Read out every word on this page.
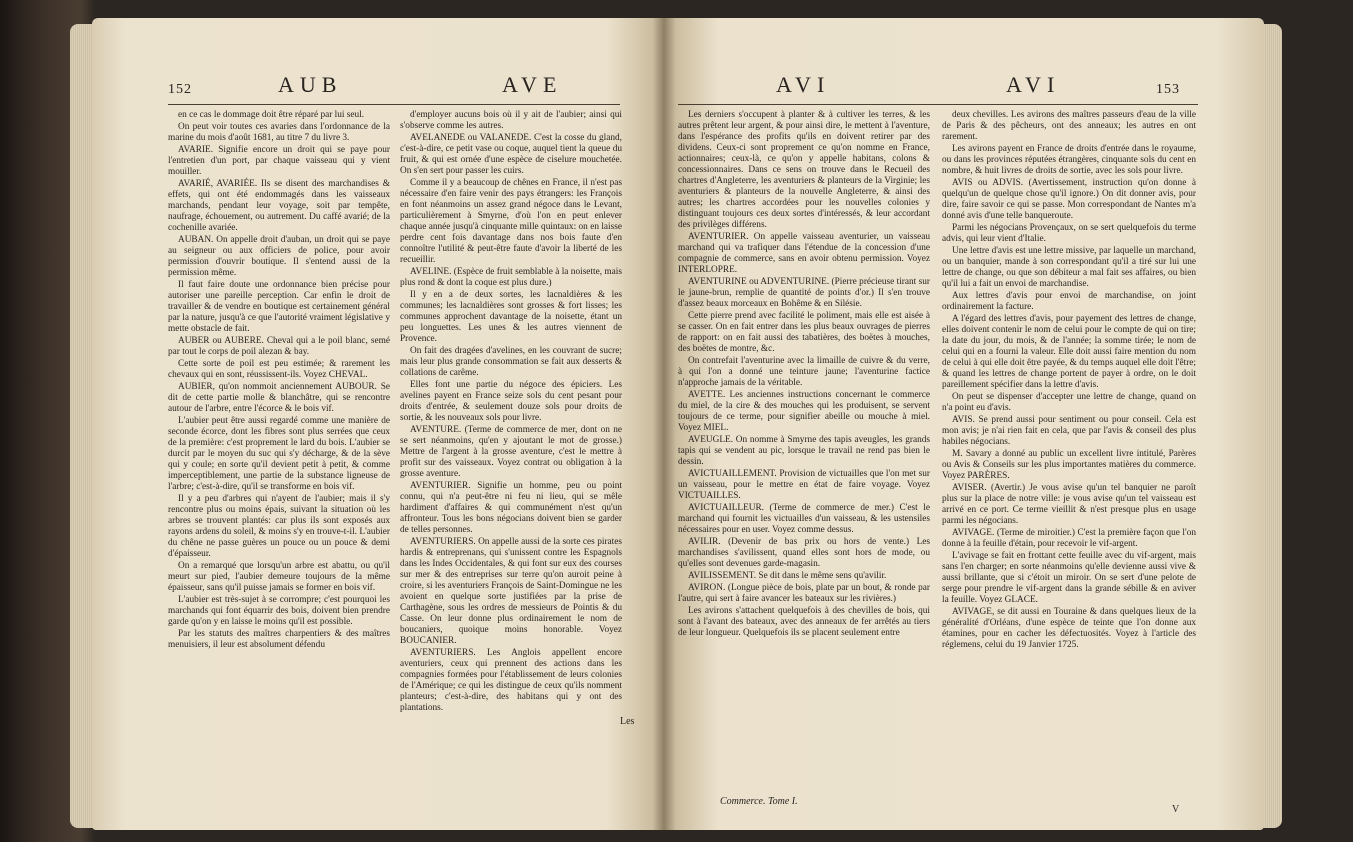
152	AUB	AVE

en ce cas le dommage doit être réparé par lui seul.

On peut voir toutes ces avaries dans l'ordonnance de la marine du mois d'août 1681, au titre 7 du livre 3.

AVARIE. Signifie encore un droit qui se paye pour l'entretien d'un port, par chaque vaisseau qui y vient mouiller.

AVARIÉ, AVARIÉE. Ils se disent des marchandises & effets, qui ont été endommagés dans les vaisseaux marchands, pendant leur voyage, soit par tempête, naufrage, échouement, ou autrement. Du caffé avarié; de la cochenille avariée.

AUBAN. On appelle droit d'auban, un droit qui se paye au seigneur ou aux officiers de police, pour avoir permission d'ouvrir boutique. Il s'entend aussi de la permission même.

Il faut faire doute une ordonnance bien précise pour autoriser une pareille perception. Car enfin le droit de travailler & de vendre en boutique est certainement général par la nature, jusqu'à ce que l'autorité vraiment législative y mette obstacle de fait.

AUBER ou AUBERE. Cheval qui a le poil blanc, semé par tout le corps de poil alezan & bay.

Cette sorte de poil est peu estimée; & rarement les chevaux qui en sont, réussissent-ils. Voyez CHEVAL.

AUBIER, qu'on nommoit anciennement AUBOUR. Se dit de cette partie molle & blanchâtre, qui se rencontre autour de l'arbre, entre l'écorce & le bois vif.

L'aubier peut être aussi regardé comme une manière de seconde écorce, dont les fibres sont plus serrées que ceux de la première: c'est proprement le lard du bois. L'aubier se durcit par le moyen du suc qui s'y décharge, & de la sève qui y coule; en sorte qu'il devient petit à petit, & comme imperceptiblement, une partie de la substance ligneuse de l'arbre; c'est-à-dire, qu'il se transforme en bois vif.

Il y a peu d'arbres qui n'ayent de l'aubier; mais il s'y rencontre plus ou moins épais, suivant la situation où les arbres se trouvent plantés: car plus ils sont exposés aux rayons ardens du soleil, & moins s'y en trouve-t-il. L'aubier du chêne ne passe guères un pouce ou un pouce & demi d'épaisseur.

On a remarqué que lorsqu'un arbre est abattu, ou qu'il meurt sur pied, l'aubier demeure toujours de la même épaisseur, sans qu'il puisse jamais se former en bois vif.

L'aubier est très-sujet à se corrompre; c'est pourquoi les marchands qui font équarrir des bois, doivent bien prendre garde qu'on y en laisse le moins qu'il est possible.

Par les statuts des maîtres charpentiers & des maîtres menuisiers, il leur est absolument défendu

d'employer aucuns bois où il y ait de l'aubier; ainsi qui s'observe comme les autres.

AVELANEDE ou VALANEDE. C'est la cosse du gland, c'est-à-dire, ce petit vase ou coque, auquel tient la queue du fruit, & qui est ornée d'une espèce de ciselure mouchetée. On s'en sert pour passer les cuirs.

Comme il y a beaucoup de chênes en France, il n'est pas nécessaire d'en faire venir des pays étrangers: les François en font néanmoins un assez grand négoce dans le Levant, particulièrement à Smyrne, d'où l'on en peut enlever chaque année jusqu'à cinquante mille quintaux: on en laisse perdre cent fois davantage dans nos bois faute d'en connoître l'utilité & peut-être faute d'avoir la liberté de les recueillir.

AVELINE. (Espèce de fruit semblable à la noisette, mais plus rond & dont la coque est plus dure.)

Il y en a de deux sortes, les lacnaldières & les communes; les lacnaldières sont grosses & fort lisses; les communes approchent davantage de la noisette, étant un peu longuettes. Les unes & les autres viennent de Provence.

On fait des dragées d'avelines, en les couvrant de sucre; mais leur plus grande consommation se fait aux desserts & collations de carême.

Elles font une partie du négoce des épiciers. Les avelines payent en France seize sols du cent pesant pour droits d'entrée, & seulement douze sols pour droits de sortie, & les nouveaux sols pour livre.

AVENTURE. (Terme de commerce de mer, dont on ne se sert néanmoins, qu'en y ajoutant le mot de grosse.) Mettre de l'argent à la grosse aventure, c'est le mettre à profit sur des vaisseaux. Voyez contrat ou obligation à la grosse aventure.

AVENTURIER. Signifie un homme, peu ou point connu, qui n'a peut-être ni feu ni lieu, qui se mêle hardiment d'affaires & qui communément n'est qu'un affronteur. Tous les bons négocians doivent bien se garder de telles personnes.

AVENTURIERS. On appelle aussi de la sorte ces pirates hardis & entreprenans, qui s'unissent contre les Espagnols dans les Indes Occidentales, & qui font sur eux des courses sur mer & des entreprises sur terre qu'on auroit peine à croire, si les aventuriers François de Saint-Domingue ne les avoient en quelque sorte justifiées par la prise de Carthagène, sous les ordres de messieurs de Pointis & du Casse. On leur donne plus ordinairement le nom de boucaniers, quoique moins honorable. Voyez BOUCANIER.

AVENTURIERS. Les Anglois appellent encore aventuriers, ceux qui prennent des actions dans les compagnies formées pour l'établissement de leurs colonies de l'Amérique; ce qui les distingue de ceux qu'ils nomment planteurs; c'est-à-dire, des habitans qui y ont des plantations.

Les
AVI	AVI	153

Les derniers s'occupent à planter & à cultiver les terres, & les autres prêtent leur argent, & pour ainsi dire, le mettent à l'aventure, dans l'espérance des profits qu'ils en doivent retirer par des dividens. Ceux-ci sont proprement ce qu'on nomme en France, actionnaires; ceux-là, ce qu'on y appelle habitans, colons & concessionnaires. Dans ce sens on trouve dans le Recueil des chartres d'Angleterre, les aventuriers & planteurs de la Virginie; les aventuriers & planteurs de la nouvelle Angleterre, & ainsi des autres; les chartres accordées pour les nouvelles colonies y distinguant toujours ces deux sortes d'intéressés, & leur accordant des privilèges différens.

AVENTURIER. On appelle vaisseau aventurier, un vaisseau marchand qui va trafiquer dans l'étendue de la concession d'une compagnie de commerce, sans en avoir obtenu permission. Voyez INTERLOPRE.

AVENTURINE ou ADVENTURINE. (Pierre précieuse tirant sur le jaune-brun, remplie de quantité de points d'or.) Il s'en trouve d'assez beaux morceaux en Bohême & en Silésie.

Cette pierre prend avec facilité le poliment, mais elle est aisée à se casser. On en fait entrer dans les plus beaux ouvrages de pierres de rapport: on en fait aussi des tabatières, des boëtes à mouches, des boëtes de montre, &c.

On contrefait l'aventurine avec la limaille de cuivre & du verre, à qui l'on a donné une teinture jaune; l'aventurine factice n'approche jamais de la véritable.

AVETTE. Les anciennes instructions concernant le commerce du miel, de la cire & des mouches qui les produisent, se servent toujours de ce terme, pour signifier abeille ou mouche à miel. Voyez MIEL.

AVEUGLE. On nomme à Smyrne des tapis aveugles, les grands tapis qui se vendent au pic, lorsque le travail ne rend pas bien le dessin.

AVICTUAILLEMENT. Provision de victuailles que l'on met sur un vaisseau, pour le mettre en état de faire voyage. Voyez VICTUAILLES.

AVICTUAILLEUR. (Terme de commerce de mer.) C'est le marchand qui fournit les victuailles d'un vaisseau, & les ustensiles nécessaires pour en user. Voyez comme dessus.

AVILIR. (Devenir de bas prix ou hors de vente.) Les marchandises s'avilissent, quand elles sont hors de mode, ou qu'elles sont devenues garde-magasin.

AVILISSEMENT. Se dit dans le même sens qu'avilir.

AVIRON. (Longue pièce de bois, plate par un bout, & ronde par l'autre, qui sert à faire avancer les bateaux sur les rivières.)

Les avirons s'attachent quelquefois à des chevilles de bois, qui sont à l'avant des bateaux, avec des anneaux de fer arrêtés au tiers de leur longueur. Quelquefois ils se placent seulement entre

deux chevilles. Les avirons des maîtres passeurs d'eau de la ville de Paris & des pêcheurs, ont des anneaux; les autres en ont rarement.

Les avirons payent en France de droits d'entrée dans le royaume, ou dans les provinces réputées étrangères, cinquante sols du cent en nombre, & huit livres de droits de sortie, avec les sols pour livre.

AVIS ou ADVIS. (Avertissement, instruction qu'on donne à quelqu'un de quelque chose qu'il ignore.) On dit donner avis, pour dire, faire savoir ce qui se passe. Mon correspondant de Nantes m'a donné avis d'une telle banqueroute.

Parmi les négocians Provençaux, on se sert quelquefois du terme advis, qui leur vient d'Italie.

Une lettre d'avis est une lettre missive, par laquelle un marchand, ou un banquier, mande à son correspondant qu'il a tiré sur lui une lettre de change, ou que son débiteur a mal fait ses affaires, ou bien qu'il lui a fait un envoi de marchandise.

Aux lettres d'avis pour envoi de marchandise, on joint ordinairement la facture.

A l'égard des lettres d'avis, pour payement des lettres de change, elles doivent contenir le nom de celui pour le compte de qui on tire; la date du jour, du mois, & de l'année; la somme tirée; le nom de celui qui en a fourni la valeur. Elle doit aussi faire mention du nom de celui à qui elle doit être payée, & du temps auquel elle doit l'être; & quand les lettres de change portent de payer à ordre, on le doit pareillement spécifier dans la lettre d'avis.

On peut se dispenser d'accepter une lettre de change, quand on n'a point eu d'avis.

AVIS. Se prend aussi pour sentiment ou pour conseil. Cela est mon avis; je n'ai rien fait en cela, que par l'avis & conseil des plus habiles négocians.

M. Savary a donné au public un excellent livre intitulé, Parères ou Avis & Conseils sur les plus importantes matières du commerce. Voyez PARÈRES.

AVISER. (Avertir.) Je vous avise qu'un tel banquier ne paroît plus sur la place de notre ville: je vous avise qu'un tel vaisseau est arrivé en ce port. Ce terme vieillit & n'est presque plus en usage parmi les négocians.

AVIVAGE. (Terme de miroitier.) C'est la première façon que l'on donne à la feuille d'étain, pour recevoir le vif-argent.

L'avivage se fait en frottant cette feuille avec du vif-argent, mais sans l'en charger; en sorte néanmoins qu'elle devienne aussi vive & aussi brillante, que si c'étoit un miroir. On se sert d'une pelote de serge pour prendre le vif-argent dans la grande sébille & en aviver la feuille. Voyez GLACE.

AVIVAGE, se dit aussi en Touraine & dans quelques lieux de la généralité d'Orléans, d'une espèce de teinte que l'on donne aux étamines, pour en cacher les défectuosités. Voyez à l'article des réglemens, celui du 19 Janvier 1725.

Commerce. Tome I.
V
